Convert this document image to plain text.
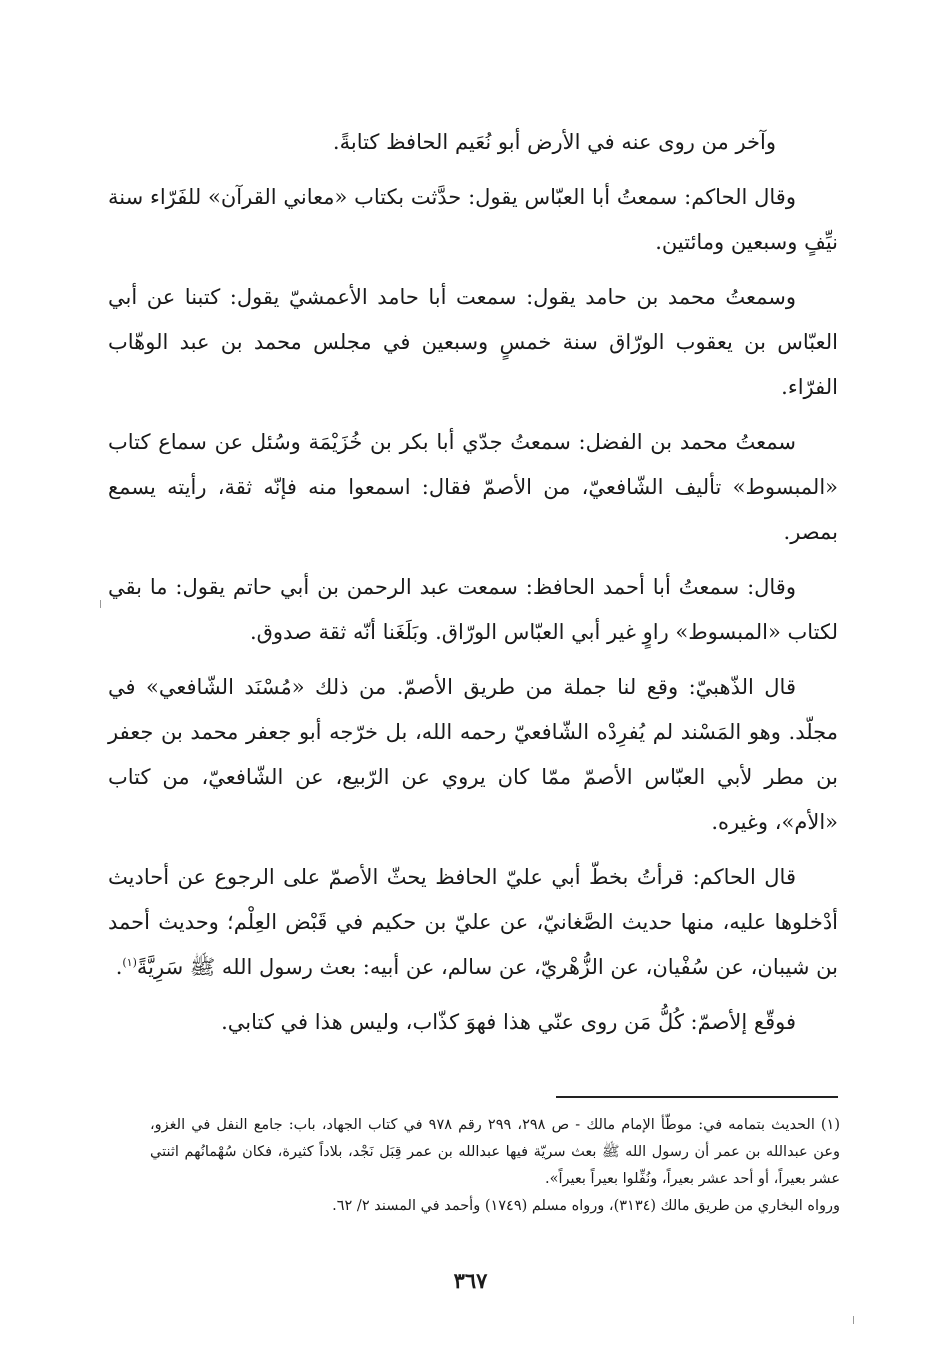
وآخر من روى عنه في الأرض أبو نُعَيم الحافظ كتابةً.

وقال الحاكم: سمعتُ أبا العبّاس يقول: حدَّثت بكتاب «معاني القرآن» للفَرّاء سنة نيِّفٍ وسبعين ومائتين.

وسمعتُ محمد بن حامد يقول: سمعت أبا حامد الأعمشيّ يقول: كتبنا عن أبي العبّاس بن يعقوب الورّاق سنة خمسٍ وسبعين في مجلس محمد بن عبد الوهّاب الفرّاء.

سمعتُ محمد بن الفضل: سمعتُ جدّي أبا بكر بن خُزَيْمَة وسُئل عن سماع كتاب «المبسوط» تأليف الشّافعيّ، من الأصمّ فقال: اسمعوا منه فإنّه ثقة، رأيته يسمع بمصر.

وقال: سمعتُ أبا أحمد الحافظ: سمعت عبد الرحمن بن أبي حاتم يقول: ما بقي لكتاب «المبسوط» راوٍ غير أبي العبّاس الورّاق. وبَلَغَنا أنّه ثقة صدوق.

قال الذّهبيّ: وقع لنا جملة من طريق الأصمّ. من ذلك «مُسْنَد الشّافعي» في مجلّد. وهو المَسْند لم يُفرِدْه الشّافعيّ رحمه الله، بل خرّجه أبو جعفر محمد بن جعفر بن مطر لأبي العبّاس الأصمّ ممّا كان يروي عن الرّبيع، عن الشّافعيّ، من كتاب «الأم»، وغيره.

قال الحاكم: قرأتُ بخطّ أبي عليّ الحافظ يحثّ الأصمّ على الرجوع عن أحاديث أدْخلوها عليه، منها حديث الصَّغانيّ، عن عليّ بن حكيم في قَبْض العِلْم؛ وحديث أحمد بن شيبان، عن سُفْيان، عن الزُّهْريّ، عن سالم، عن أبيه: بعث رسول الله ﷺ سَرِيَّةً$^{(١)}$.

فوقّع إلأصمّ: كُلُّ مَن روى عنّي هذا فهوَ كذّاب، وليس هذا في كتابي.

(١)الحديث بتمامه في: موطّأ الإمام مالك - ص ٢٩٨، ٢٩٩ رقم ٩٧٨ في كتاب الجهاد، باب: جامع النفل في الغزو، وعن عبدالله بن عمر أن رسول الله ﷺ بعث سريّة فيها عبدالله بن عمر قِبَل نَجْد، بلاداً كثيرة، فكان سُهْمانُهم اثنتي عشر بعيراً، أو أحد عشر بعيراً، ونُفِّلوا بعيراً بعيراً».

ورواه البخاري من طريق مالك (٣١٣٤)، ورواه مسلم (١٧٤٩) وأحمد في المسند ٢/ ٦٢.

٣٦٧
